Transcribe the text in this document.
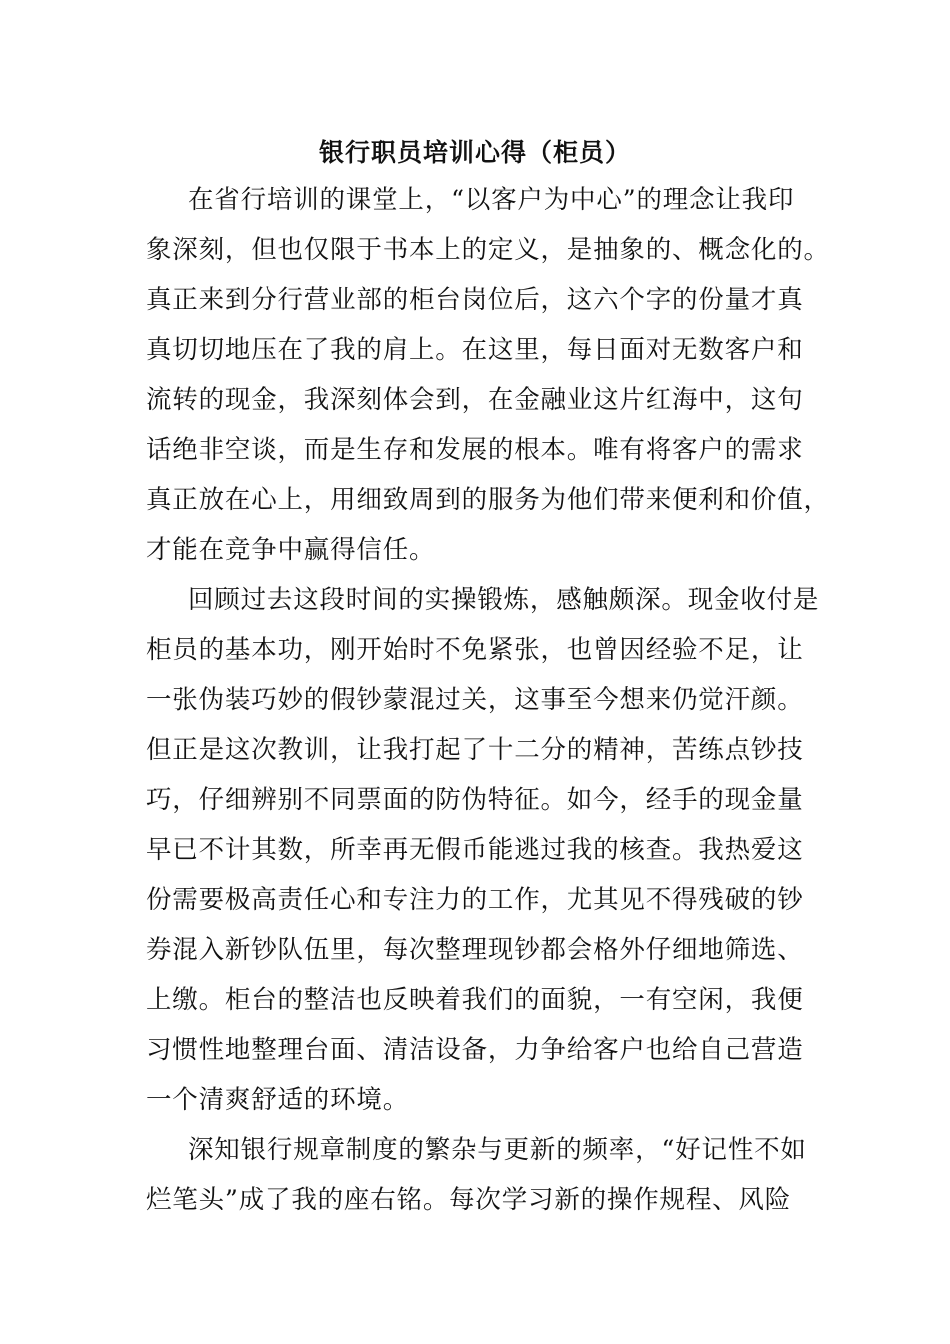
银行职员培训心得（柜员）
在省行培训的课堂上，“以客户为中心”的理念让我印
象深刻，但也仅限于书本上的定义，是抽象的、概念化的。
真正来到分行营业部的柜台岗位后，这六个字的份量才真
真切切地压在了我的肩上。在这里，每日面对无数客户和
流转的现金，我深刻体会到，在金融业这片红海中，这句
话绝非空谈，而是生存和发展的根本。唯有将客户的需求
真正放在心上，用细致周到的服务为他们带来便利和价值，
才能在竞争中赢得信任。
回顾过去这段时间的实操锻炼，感触颇深。现金收付是
柜员的基本功，刚开始时不免紧张，也曾因经验不足，让
一张伪装巧妙的假钞蒙混过关，这事至今想来仍觉汗颜。
但正是这次教训，让我打起了十二分的精神，苦练点钞技
巧，仔细辨别不同票面的防伪特征。如今，经手的现金量
早已不计其数，所幸再无假币能逃过我的核查。我热爱这
份需要极高责任心和专注力的工作，尤其见不得残破的钞
券混入新钞队伍里，每次整理现钞都会格外仔细地筛选、
上缴。柜台的整洁也反映着我们的面貌，一有空闲，我便
习惯性地整理台面、清洁设备，力争给客户也给自己营造
一个清爽舒适的环境。
深知银行规章制度的繁杂与更新的频率，“好记性不如
烂笔头”成了我的座右铭。每次学习新的操作规程、风险
